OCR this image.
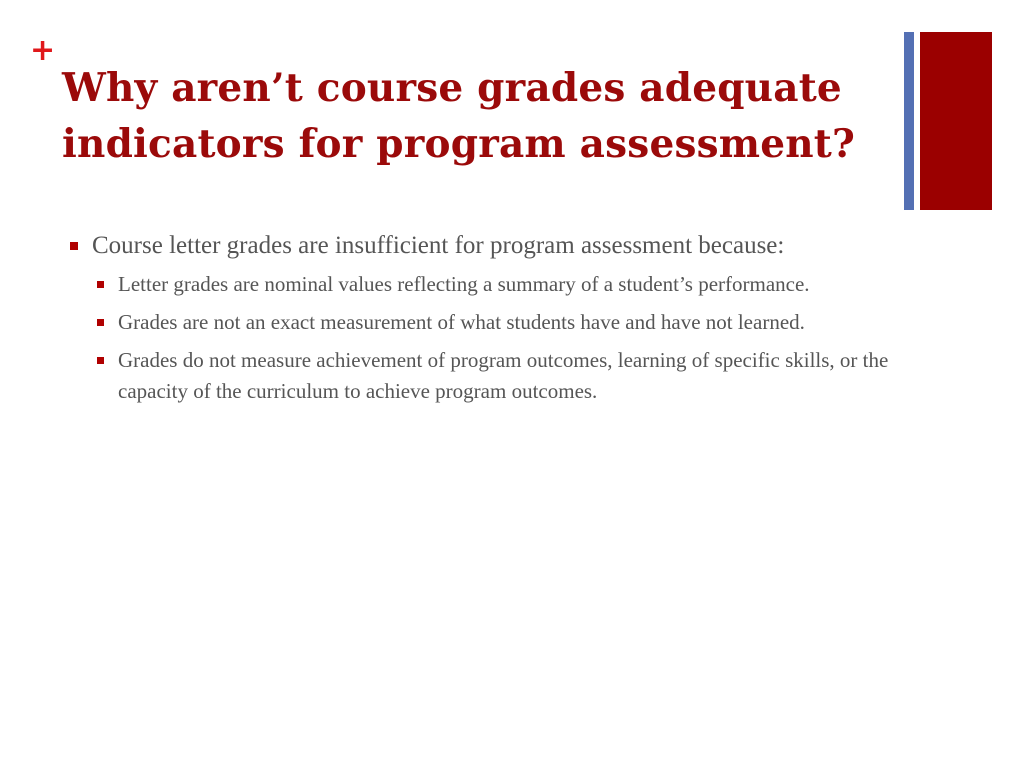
+
Why aren’t course grades adequate indicators for program assessment?
Course letter grades are insufficient for program assessment because:
Letter grades are nominal values reflecting a summary of a student’s performance.
Grades are not an exact measurement of what students have and have not learned.
Grades do not measure achievement of program outcomes, learning of specific skills, or the capacity of the curriculum to achieve program outcomes.
